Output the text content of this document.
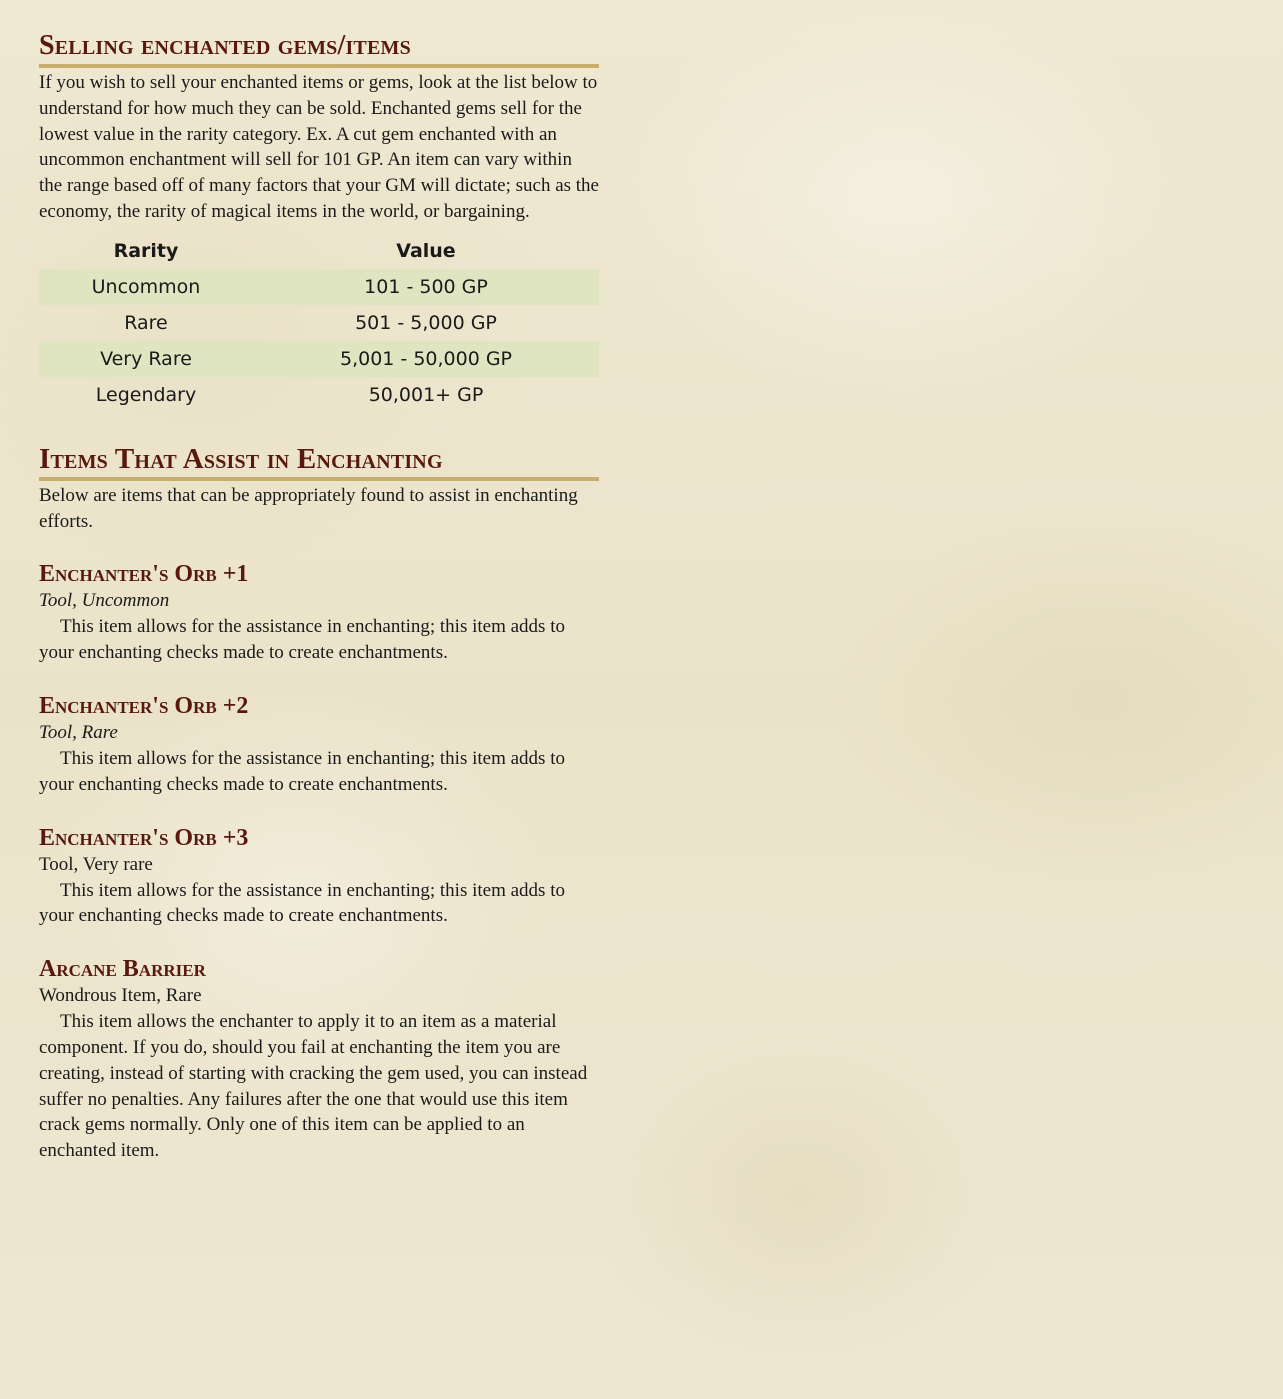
Selling enchanted gems/items

If you wish to sell your enchanted items or gems, look at the list below to understand for how much they can be sold. Enchanted gems sell for the lowest value in the rarity category. Ex. A cut gem enchanted with an uncommon enchantment will sell for 101 GP. An item can vary within the range based off of many factors that your GM will dictate; such as the economy, the rarity of magical items in the world, or bargaining.

Rarity	Value
Uncommon	101 - 500 GP
Rare	501 - 5,000 GP
Very Rare	5,001 - 50,000 GP
Legendary	50,001+ GP
Items That Assist in Enchanting

Below are items that can be appropriately found to assist in enchanting efforts.

Enchanter's Orb +1

Tool, Uncommon

This item allows for the assistance in enchanting; this item adds to your enchanting checks made to create enchantments.

Enchanter's Orb +2

Tool, Rare

This item allows for the assistance in enchanting; this item adds to your enchanting checks made to create enchantments.

Enchanter's Orb +3

Tool, Very rare

This item allows for the assistance in enchanting; this item adds to your enchanting checks made to create enchantments.

Arcane Barrier

Wondrous Item, Rare

This item allows the enchanter to apply it to an item as a material component. If you do, should you fail at enchanting the item you are creating, instead of starting with cracking the gem used, you can instead suffer no penalties. Any failures after the one that would use this item crack gems normally. Only one of this item can be applied to an enchanted item.
